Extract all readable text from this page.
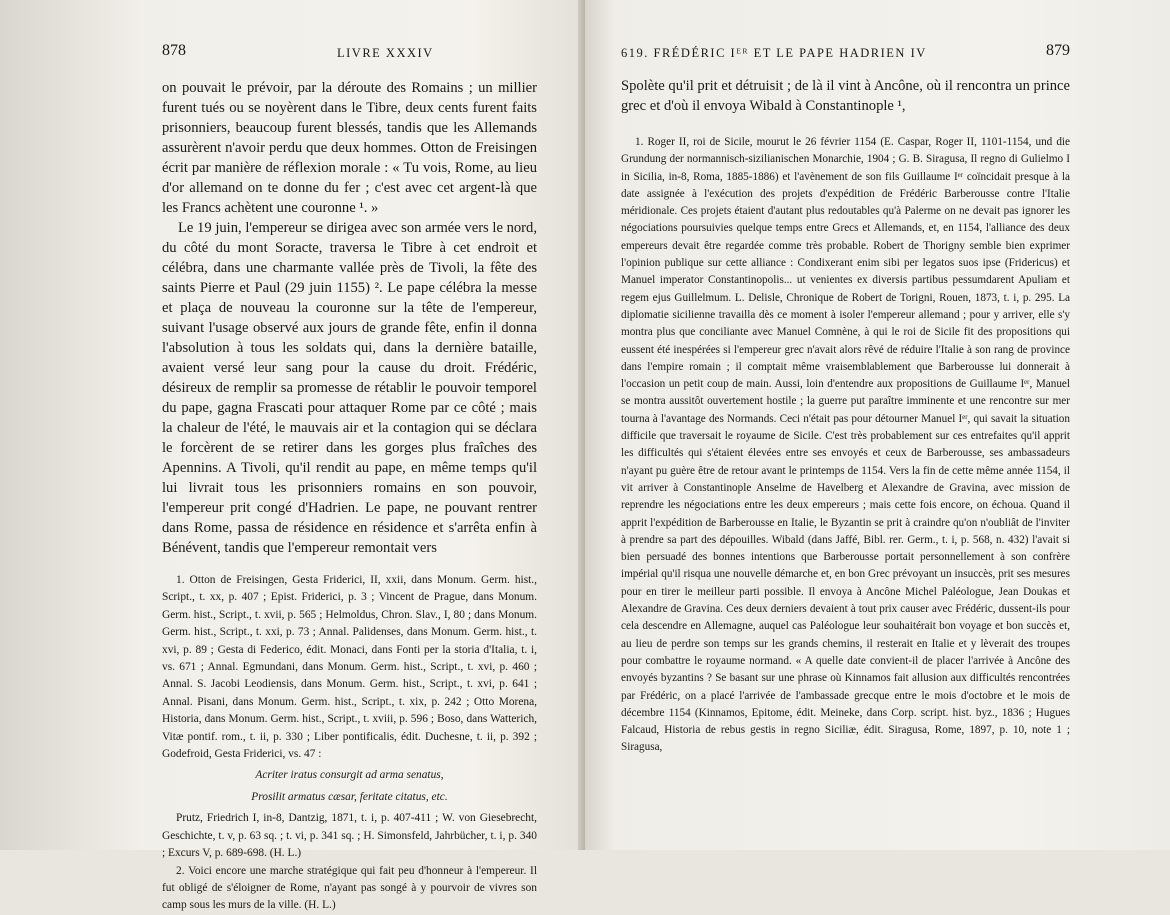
878	LIVRE XXXIV

on pouvait le prévoir, par la déroute des Romains ; un millier furent tués ou se noyèrent dans le Tibre, deux cents furent faits prisonniers, beaucoup furent blessés, tandis que les Allemands assurèrent n'avoir perdu que deux hommes. Otton de Freisingen écrit par manière de réflexion morale : « Tu vois, Rome, au lieu d'or allemand on te donne du fer ; c'est avec cet argent-là que les Francs achètent une couronne ¹. »

Le 19 juin, l'empereur se dirigea avec son armée vers le nord, du côté du mont Soracte, traversa le Tibre à cet endroit et célébra, dans une charmante vallée près de Tivoli, la fête des saints Pierre et Paul (29 juin 1155) ². Le pape célébra la messe et plaça de nouveau la couronne sur la tête de l'empereur, suivant l'usage observé aux jours de grande fête, enfin il donna l'absolution à tous les soldats qui, dans la dernière bataille, avaient versé leur sang pour la cause du droit. Frédéric, désireux de remplir sa promesse de rétablir le pouvoir temporel du pape, gagna Frascati pour attaquer Rome par ce côté ; mais la chaleur de l'été, le mauvais air et la contagion qui se déclara le forcèrent de se retirer dans les gorges plus fraîches des Apennins. A Tivoli, qu'il rendit au pape, en même temps qu'il lui livrait tous les prisonniers romains en son pouvoir, l'empereur prit congé d'Hadrien. Le pape, ne pouvant rentrer dans Rome, passa de résidence en résidence et s'arrêta enfin à Bénévent, tandis que l'empereur remontait vers

1. Otton de Freisingen, Gesta Friderici, II, xxii, dans Monum. Germ. hist., Script., t. xx, p. 407 ; Epist. Friderici, p. 3 ; Vincent de Prague, dans Monum. Germ. hist., Script., t. xvii, p. 565 ; Helmoldus, Chron. Slav., I, 80 ; dans Monum. Germ. hist., Script., t. xxi, p. 73 ; Annal. Palidenses, dans Monum. Germ. hist., t. xvi, p. 89 ; Gesta di Federico, édit. Monaci, dans Fonti per la storia d'Italia, t. i, vs. 671 ; Annal. Egmundani, dans Monum. Germ. hist., Script., t. xvi, p. 460 ; Annal. S. Jacobi Leodiensis, dans Monum. Germ. hist., Script., t. xvi, p. 641 ; Annal. Pisani, dans Monum. Germ. hist., Script., t. xix, p. 242 ; Otto Morena, Historia, dans Monum. Germ. hist., Script., t. xviii, p. 596 ; Boso, dans Watterich, Vitæ pontif. rom., t. ii, p. 330 ; Liber pontificalis, édit. Duchesne, t. ii, p. 392 ; Godefroid, Gesta Friderici, vs. 47 :

Acriter iratus consurgit ad arma senatus,

Prosilit armatus cæsar, feritate citatus, etc.

Prutz, Friedrich I, in-8, Dantzig, 1871, t. i, p. 407-411 ; W. von Giesebrecht, Geschichte, t. v, p. 63 sq. ; t. vi, p. 341 sq. ; H. Simonsfeld, Jahrbücher, t. i, p. 340 ; Excurs V, p. 689-698. (H. L.)

2. Voici encore une marche stratégique qui fait peu d'honneur à l'empereur. Il fut obligé de s'éloigner de Rome, n'ayant pas songé à y pourvoir de vivres son camp sous les murs de la ville. (H. L.)

619. FRÉDÉRIC Iᴱᴿ ET LE PAPE HADRIEN IV	879

Spolète qu'il prit et détruisit ; de là il vint à Ancône, où il rencontra un prince grec et d'où il envoya Wibald à Constantinople ¹,

1. Roger II, roi de Sicile, mourut le 26 février 1154 (E. Caspar, Roger II, 1101-1154, und die Grundung der normannisch-sizilianischen Monarchie, 1904 ; G. B. Siragusa, Il regno di Gulielmo I in Sicilia, in-8, Roma, 1885-1886) et l'avènement de son fils Guillaume Iᵉʳ coïncidait presque à la date assignée à l'exécution des projets d'expédition de Frédéric Barberousse contre l'Italie méridionale. Ces projets étaient d'autant plus redoutables qu'à Palerme on ne devait pas ignorer les négociations poursuivies quelque temps entre Grecs et Allemands, et, en 1154, l'alliance des deux empereurs devait être regardée comme très probable. Robert de Thorigny semble bien exprimer l'opinion publique sur cette alliance : Condixerant enim sibi per legatos suos ipse (Fridericus) et Manuel imperator Constantinopolis... ut venientes ex diversis partibus pessumdarent Apuliam et regem ejus Guillelmum. L. Delisle, Chronique de Robert de Torigni, Rouen, 1873, t. i, p. 295. La diplomatie sicilienne travailla dès ce moment à isoler l'empereur allemand ; pour y arriver, elle s'y montra plus que conciliante avec Manuel Comnène, à qui le roi de Sicile fit des propositions qui eussent été inespérées si l'empereur grec n'avait alors rêvé de réduire l'Italie à son rang de province dans l'empire romain ; il comptait même vraisemblablement que Barberousse lui donnerait à l'occasion un petit coup de main. Aussi, loin d'entendre aux propositions de Guillaume Iᵉʳ, Manuel se montra aussitôt ouvertement hostile ; la guerre put paraître imminente et une rencontre sur mer tourna à l'avantage des Normands. Ceci n'était pas pour détourner Manuel Iᵉʳ, qui savait la situation difficile que traversait le royaume de Sicile. C'est très probablement sur ces entrefaites qu'il apprit les difficultés qui s'étaient élevées entre ses envoyés et ceux de Barberousse, ses ambassadeurs n'ayant pu guère être de retour avant le printemps de 1154. Vers la fin de cette même année 1154, il vit arriver à Constantinople Anselme de Havelberg et Alexandre de Gravina, avec mission de reprendre les négociations entre les deux empereurs ; mais cette fois encore, on échoua. Quand il apprit l'expédition de Barberousse en Italie, le Byzantin se prit à craindre qu'on n'oubliât de l'inviter à prendre sa part des dépouilles. Wibald (dans Jaffé, Bibl. rer. Germ., t. i, p. 568, n. 432) l'avait si bien persuadé des bonnes intentions que Barberousse portait personnellement à son confrère impérial qu'il risqua une nouvelle démarche et, en bon Grec prévoyant un insuccès, prit ses mesures pour en tirer le meilleur parti possible. Il envoya à Ancône Michel Paléologue, Jean Doukas et Alexandre de Gravina. Ces deux derniers devaient à tout prix causer avec Frédéric, dussent-ils pour cela descendre en Allemagne, auquel cas Paléologue leur souhaitérait bon voyage et bon succès et, au lieu de perdre son temps sur les grands chemins, il resterait en Italie et y lèverait des troupes pour combattre le royaume normand. « A quelle date convient-il de placer l'arrivée à Ancône des envoyés byzantins ? Se basant sur une phrase où Kinnamos fait allusion aux difficultés rencontrées par Frédéric, on a placé l'arrivée de l'ambassade grecque entre le mois d'octobre et le mois de décembre 1154 (Kinnamos, Epitome, édit. Meineke, dans Corp. script. hist. byz., 1836 ; Hugues Falcaud, Historia de rebus gestis in regno Siciliæ, édit. Siragusa, Rome, 1897, p. 10, note 1 ; Siragusa,
